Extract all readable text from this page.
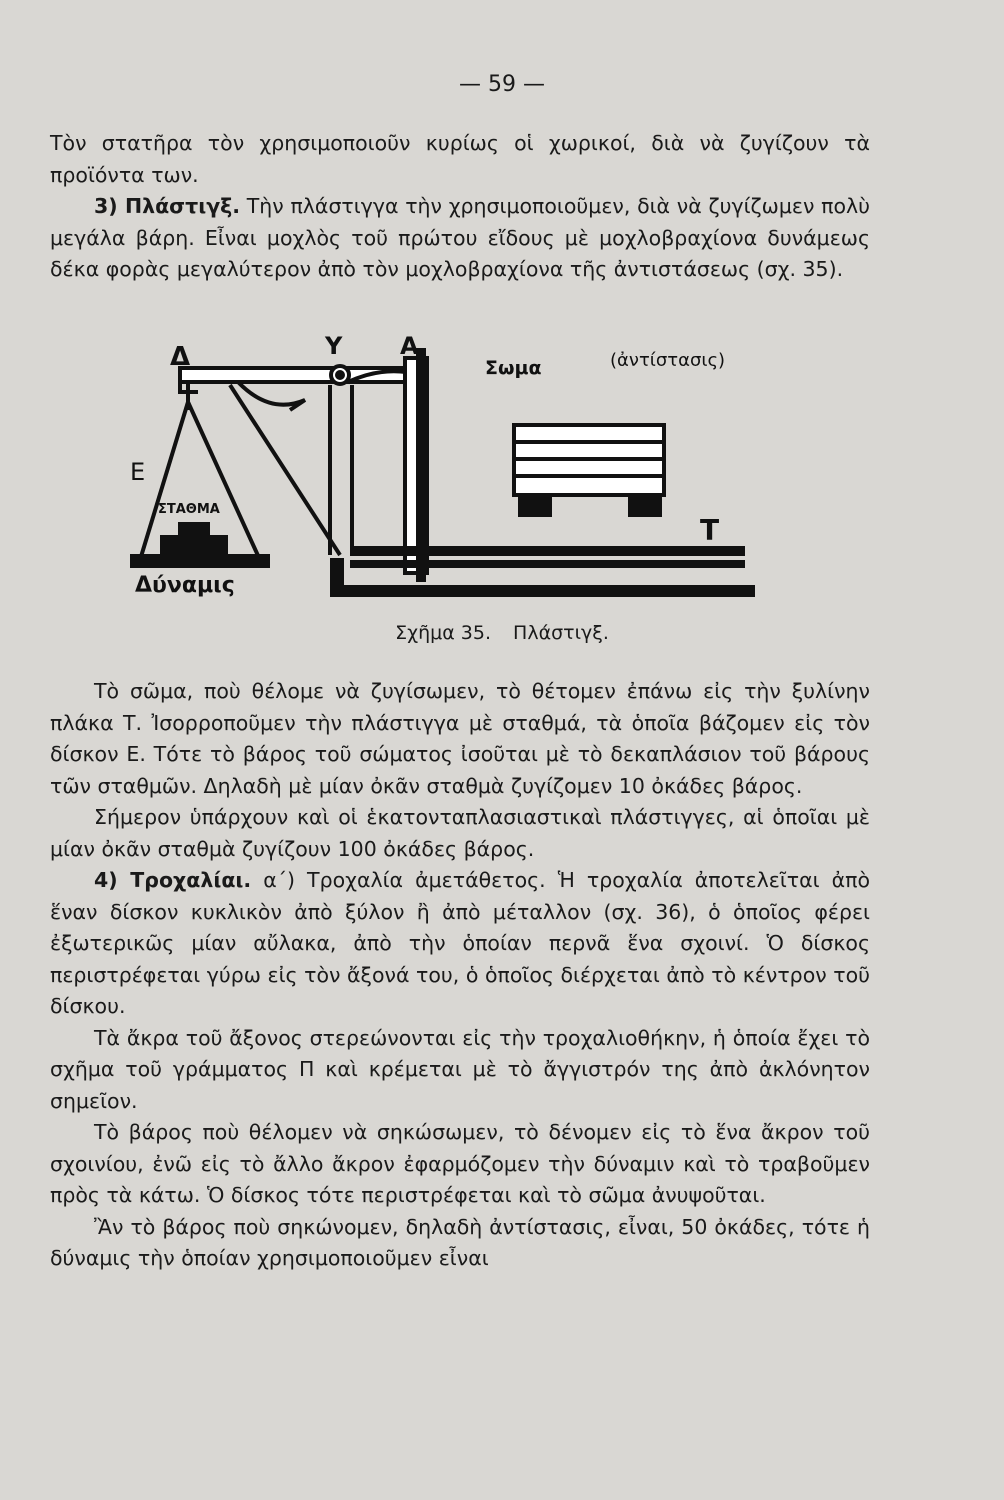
— 59 —

Τὸν στατῆρα τὸν χρησιμοποιοῦν κυρίως οἱ χωρικοί, διὰ νὰ ζυγίζουν τὰ προϊόντα των.

3) Πλάστιγξ. Τὴν πλάστιγγα τὴν χρησιμοποιοῦμεν, διὰ νὰ ζυγίζωμεν πολὺ μεγάλα βάρη. Εἶναι μοχλὸς τοῦ πρώτου εἴδους μὲ μοχλοβραχίονα δυνάμεως δέκα φορὰς μεγαλύτερον ἀπὸ τὸν μοχλοβραχίονα τῆς ἀντιστάσεως (σχ. 35).

Δ	Υ Α
Ε
Τ
Σωμα	(ἀντίστασις)
ΣΤΑΘΜΑ
Δύναμις
Σχῆμα 35. Πλάστιγξ.

Τὸ σῶμα, ποὺ θέλομε νὰ ζυγίσωμεν, τὸ θέτομεν ἐπάνω εἰς τὴν ξυλίνην πλάκα Τ. Ἰσορροποῦμεν τὴν πλάστιγγα μὲ σταθμά, τὰ ὁποῖα βάζομεν εἰς τὸν δίσκον Ε. Τότε τὸ βάρος τοῦ σώματος ἰσοῦται μὲ τὸ δεκαπλάσιον τοῦ βάρους τῶν σταθμῶν. Δηλαδὴ μὲ μίαν ὀκᾶν σταθμὰ ζυγίζομεν 10 ὀκάδες βάρος.

Σήμερον ὑπάρχουν καὶ οἱ ἑκατονταπλασιαστικαὶ πλάστιγγες, αἱ ὁποῖαι μὲ μίαν ὀκᾶν σταθμὰ ζυγίζουν 100 ὀκάδες βάρος.

4) Τροχαλίαι. α΄) Τροχαλία ἀμετάθετος. Ἡ τροχαλία ἀποτελεῖται ἀπὸ ἕναν δίσκον κυκλικὸν ἀπὸ ξύλον ἢ ἀπὸ μέταλλον (σχ. 36), ὁ ὁποῖος φέρει ἐξωτερικῶς μίαν αὔλακα, ἀπὸ τὴν ὁποίαν περνᾶ ἕνα σχοινί. Ὁ δίσκος περιστρέφεται γύρω εἰς τὸν ἄξονά του, ὁ ὁποῖος διέρχεται ἀπὸ τὸ κέντρον τοῦ δίσκου.

Τὰ ἄκρα τοῦ ἄξονος στερεώνονται εἰς τὴν τροχαλιοθήκην, ἡ ὁποία ἔχει τὸ σχῆμα τοῦ γράμματος Π καὶ κρέμεται μὲ τὸ ἄγγιστρόν της ἀπὸ ἀκλόνητον σημεῖον.

Τὸ βάρος ποὺ θέλομεν νὰ σηκώσωμεν, τὸ δένομεν εἰς τὸ ἕνα ἄκρον τοῦ σχοινίου, ἐνῶ εἰς τὸ ἄλλο ἄκρον ἐφαρμόζομεν τὴν δύναμιν καὶ τὸ τραβοῦμεν πρὸς τὰ κάτω. Ὁ δίσκος τότε περιστρέφεται καὶ τὸ σῶμα ἀνυψοῦται.

Ἂν τὸ βάρος ποὺ σηκώνομεν, δηλαδὴ ἀντίστασις, εἶναι, 50 ὀκάδες, τότε ἡ δύναμις τὴν ὁποίαν χρησιμοποιοῦμεν εἶναι
